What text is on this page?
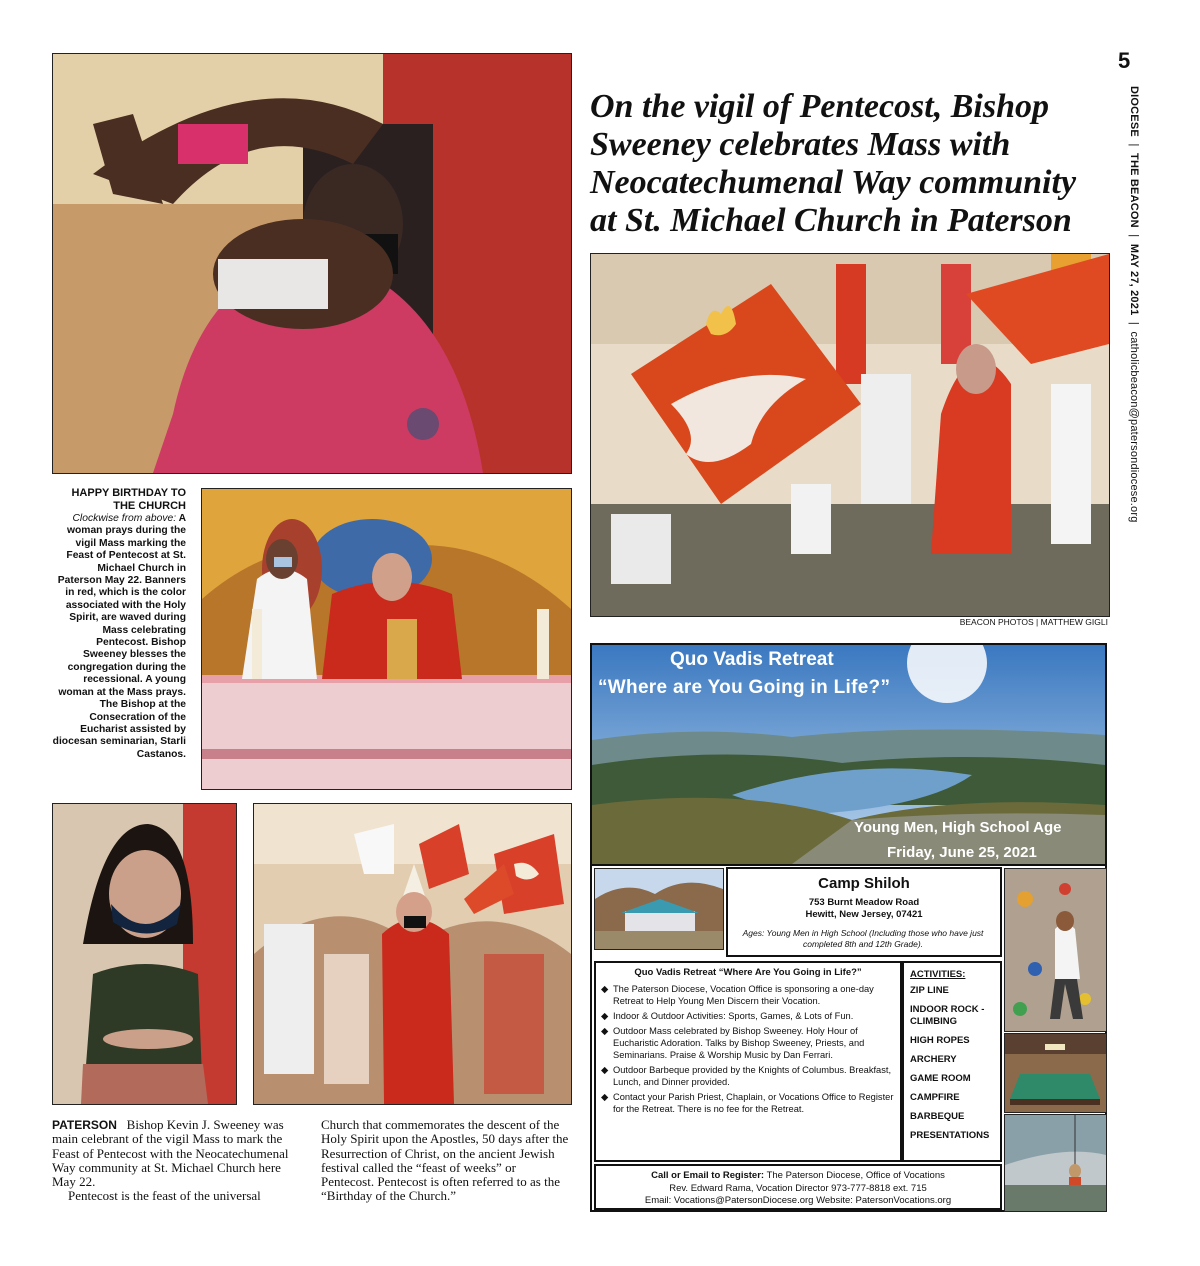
5
DIOCESE  |  THE BEACON  |  MAY 27, 2021  |  catholicbeacon@patersondiocese.org
On the vigil of Pentecost, Bishop Sweeney celebrates Mass with Neocatechumenal Way community at St. Michael Church in Paterson
BEACON PHOTOS | MATTHEW GIGLI
HAPPY BIRTHDAY TO THE CHURCH
Clockwise from above: A woman prays during the vigil Mass marking the Feast of Pentecost at St. Michael Church in Paterson May 22. Banners in red, which is the color associated with the Holy Spirit, are waved during Mass celebrating Pentecost. Bishop Sweeney blesses the congregation during the recessional. A young woman at the Mass prays. The Bishop at the Consecration of the Eucharist assisted by diocesan seminarian, Starli Castanos.
PATERSON Bishop Kevin J. Sweeney was main celebrant of the vigil Mass to mark the Feast of Pentecost with the Neocatechumenal Way community at St. Michael Church here May 22.
Pentecost is the feast of the universal
Church that commemorates the descent of the Holy Spirit upon the Apostles, 50 days after the Resurrection of Christ, on the ancient Jewish festival called the “feast of weeks” or Pentecost. Pentecost is often referred to as the “Birthday of the Church.”
Quo Vadis Retreat
“Where are You Going in Life?”
Young Men, High School Age
Friday, June 25, 2021
Camp Shiloh
753 Burnt Meadow Road
Hewitt, New Jersey, 07421
Ages: Young Men in High School (Including those who have just completed 8th and 12th Grade).
Quo Vadis Retreat “Where Are You Going in Life?”
◆ The Paterson Diocese, Vocation Office is sponsoring a one-day Retreat to Help Young Men Discern their Vocation.
◆ Indoor & Outdoor Activities: Sports, Games, & Lots of Fun.
◆ Outdoor Mass celebrated by Bishop Sweeney. Holy Hour of Eucharistic Adoration. Talks by Bishop Sweeney, Priests, and Seminarians. Praise & Worship Music by Dan Ferrari.
◆ Outdoor Barbeque provided by the Knights of Columbus. Breakfast, Lunch, and Dinner provided.
◆ Contact your Parish Priest, Chaplain, or Vocations Office to Register for the Retreat. There is no fee for the Retreat.
ACTIVITIES:
ZIP LINE
INDOOR ROCK - CLIMBING
HIGH ROPES
ARCHERY
GAME ROOM
CAMPFIRE
BARBEQUE
PRESENTATIONS
Call or Email to Register: The Paterson Diocese, Office of Vocations
Rev. Edward Rama, Vocation Director 973-777-8818 ext. 715
Email: Vocations@PatersonDiocese.org Website: PatersonVocations.org
